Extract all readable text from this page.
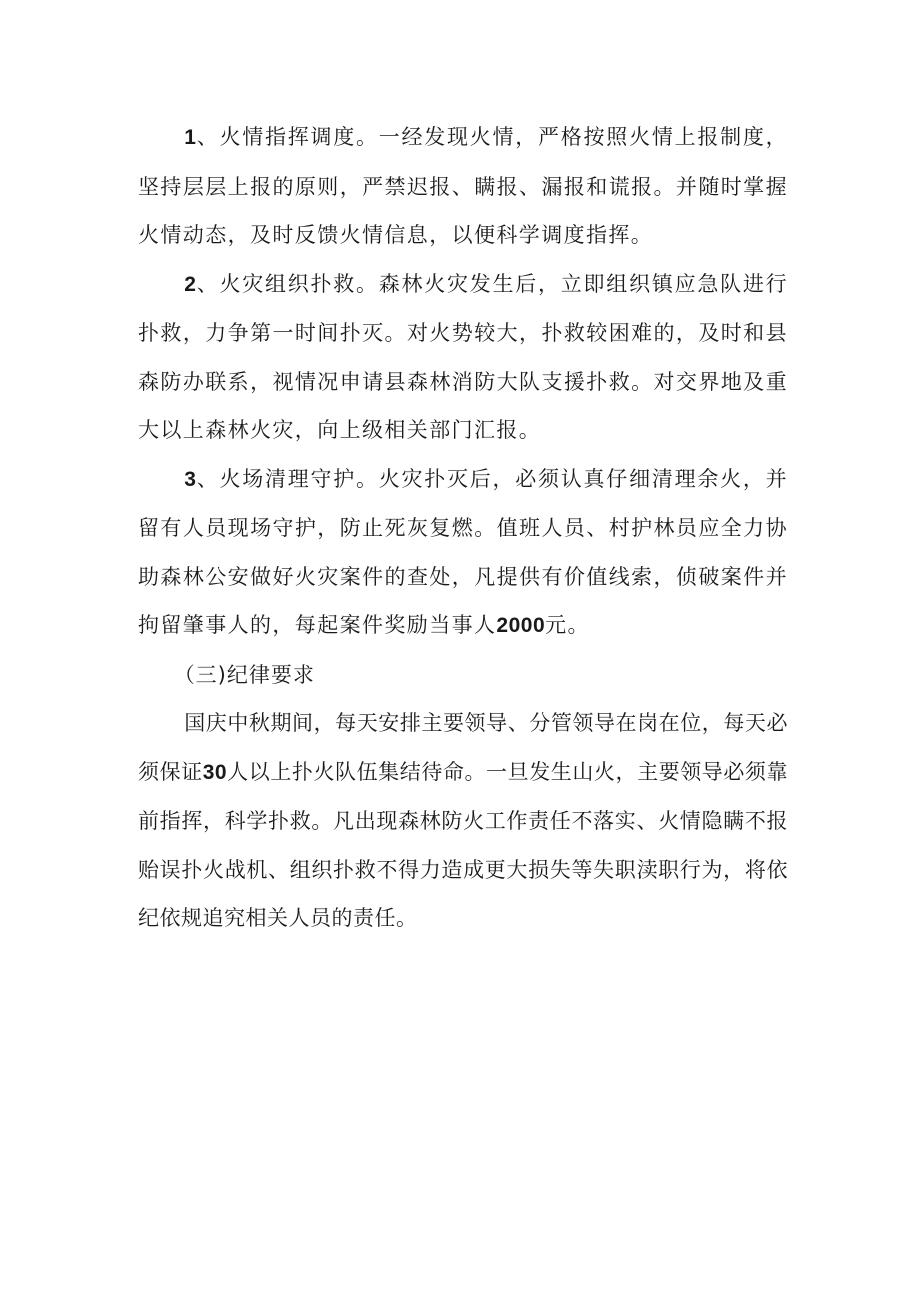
1、火情指挥调度。一经发现火情，严格按照火情上报制度，坚持层层上报的原则，严禁迟报、瞒报、漏报和谎报。并随时掌握火情动态，及时反馈火情信息，以便科学调度指挥。

2、火灾组织扑救。森林火灾发生后，立即组织镇应急队进行扑救，力争第一时间扑灭。对火势较大，扑救较困难的，及时和县森防办联系，视情况申请县森林消防大队支援扑救。对交界地及重大以上森林火灾，向上级相关部门汇报。

3、火场清理守护。火灾扑灭后，必须认真仔细清理余火，并留有人员现场守护，防止死灰复燃。值班人员、村护林员应全力协助森林公安做好火灾案件的查处，凡提供有价值线索，侦破案件并拘留肇事人的，每起案件奖励当事人2000元。

（三)纪律要求

国庆中秋期间，每天安排主要领导、分管领导在岗在位，每天必须保证30人以上扑火队伍集结待命。一旦发生山火，主要领导必须靠前指挥，科学扑救。凡出现森林防火工作责任不落实、火情隐瞒不报贻误扑火战机、组织扑救不得力造成更大损失等失职渎职行为，将依纪依规追究相关人员的责任。
